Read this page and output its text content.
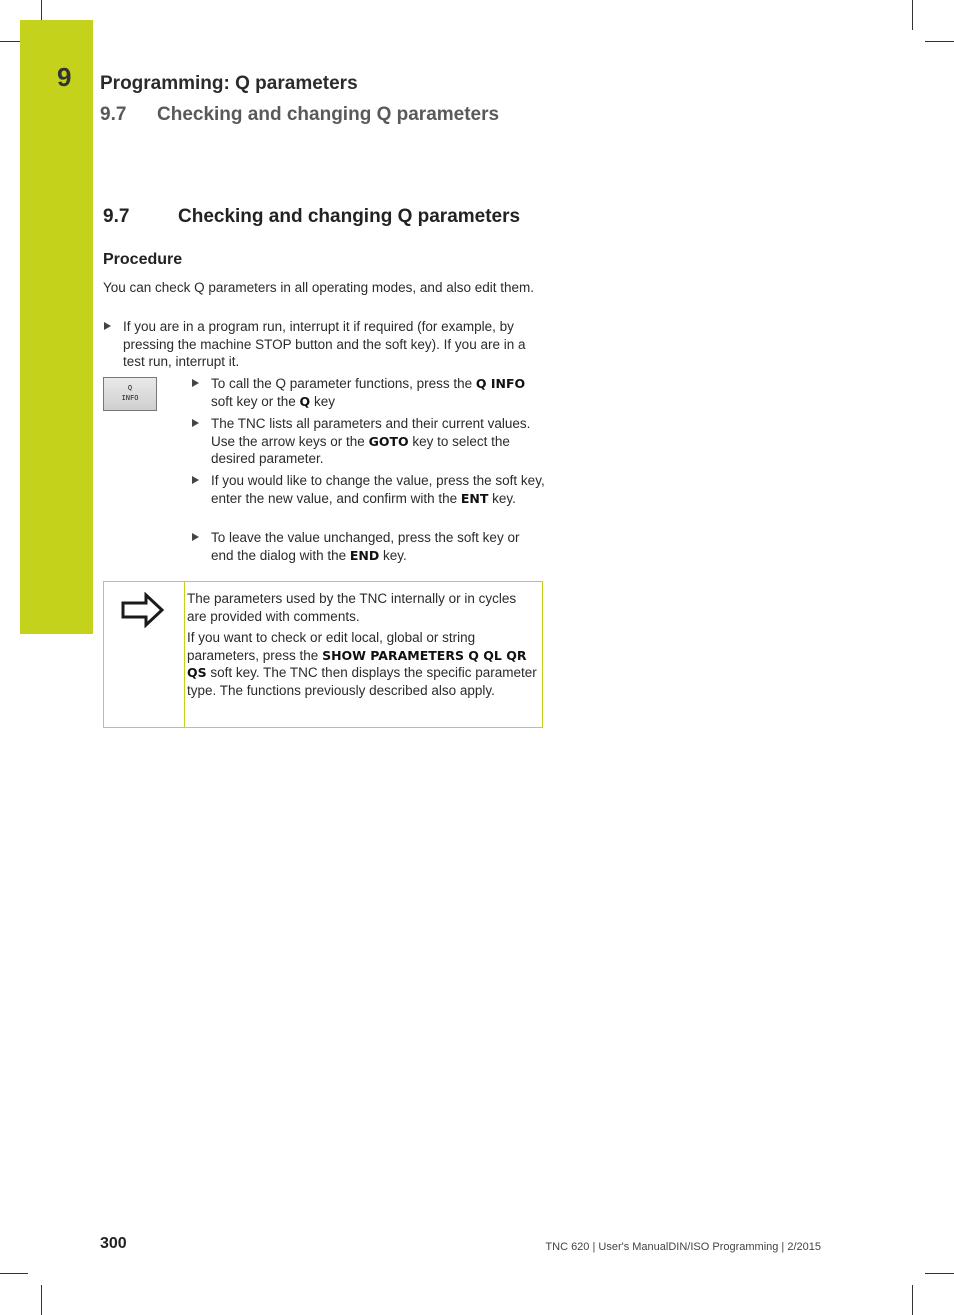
9 Programming: Q parameters
9.7 Checking and changing Q parameters
9.7	Checking and changing Q parameters
Procedure
You can check Q parameters in all operating modes, and also edit them.
If you are in a program run, interrupt it if required (for example, by pressing the machine STOP button and the soft key). If you are in a test run, interrupt it.
Q
INFO
To call the Q parameter functions, press the Q INFO soft key or the Q key
The TNC lists all parameters and their current values. Use the arrow keys or the GOTO key to select the desired parameter.
If you would like to change the value, press the soft key, enter the new value, and confirm with the ENT key.
To leave the value unchanged, press the soft key or end the dialog with the END key.
The parameters used by the TNC internally or in cycles are provided with comments.
If you want to check or edit local, global or string parameters, press the SHOW PARAMETERS Q QL QR QS soft key. The TNC then displays the specific parameter type. The functions previously described also apply.
300	TNC 620 | User's ManualDIN/ISO Programming | 2/2015
